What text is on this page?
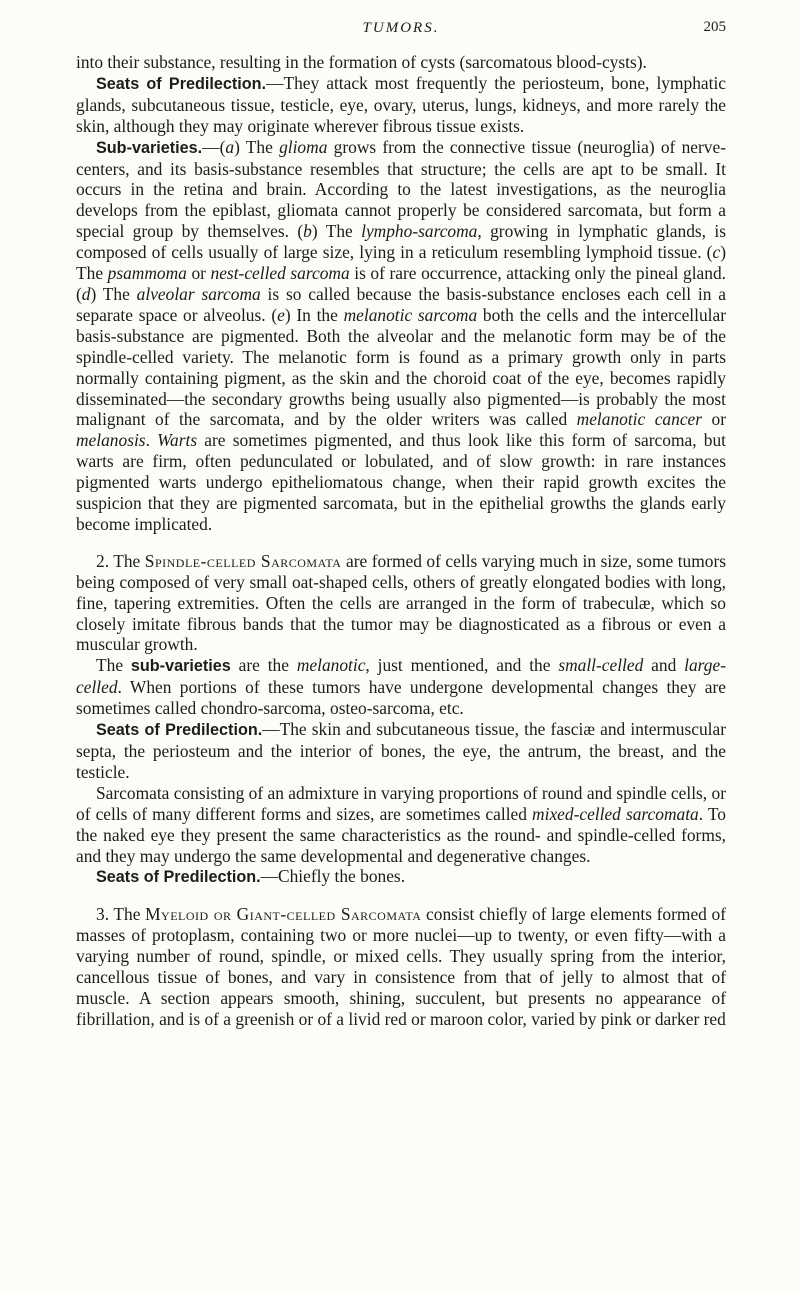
TUMORS.	205

into their substance, resulting in the formation of cysts (sarcomatous blood-cysts).

Seats of Predilection.—They attack most frequently the periosteum, bone, lymphatic glands, subcutaneous tissue, testicle, eye, ovary, uterus, lungs, kidneys, and more rarely the skin, although they may originate wherever fibrous tissue exists.

Sub-varieties.—(a) The glioma grows from the connective tissue (neuroglia) of nerve-centers, and its basis-substance resembles that structure; the cells are apt to be small. It occurs in the retina and brain. According to the latest investigations, as the neuroglia develops from the epiblast, gliomata cannot properly be considered sarcomata, but form a special group by themselves. (b) The lympho-sarcoma, growing in lymphatic glands, is composed of cells usually of large size, lying in a reticulum resembling lymphoid tissue. (c) The psammoma or nest-celled sarcoma is of rare occurrence, attacking only the pineal gland. (d) The alveolar sarcoma is so called because the basis-substance encloses each cell in a separate space or alveolus. (e) In the melanotic sarcoma both the cells and the intercellular basis-substance are pigmented. Both the alveolar and the melanotic form may be of the spindle-celled variety. The melanotic form is found as a primary growth only in parts normally containing pigment, as the skin and the choroid coat of the eye, becomes rapidly disseminated—the secondary growths being usually also pigmented—is probably the most malignant of the sarcomata, and by the older writers was called melanotic cancer or melanosis. Warts are sometimes pigmented, and thus look like this form of sarcoma, but warts are firm, often pedunculated or lobulated, and of slow growth: in rare instances pigmented warts undergo epitheliomatous change, when their rapid growth excites the suspicion that they are pigmented sarcomata, but in the epithelial growths the glands early become implicated.

2. The Spindle-celled Sarcomata are formed of cells varying much in size, some tumors being composed of very small oat-shaped cells, others of greatly elongated bodies with long, fine, tapering extremities. Often the cells are arranged in the form of trabeculæ, which so closely imitate fibrous bands that the tumor may be diagnosticated as a fibrous or even a muscular growth.

The sub-varieties are the melanotic, just mentioned, and the small-celled and large-celled. When portions of these tumors have undergone developmental changes they are sometimes called chondro-sarcoma, osteo-sarcoma, etc.

Seats of Predilection.—The skin and subcutaneous tissue, the fasciæ and intermuscular septa, the periosteum and the interior of bones, the eye, the antrum, the breast, and the testicle.

Sarcomata consisting of an admixture in varying proportions of round and spindle cells, or of cells of many different forms and sizes, are sometimes called mixed-celled sarcomata. To the naked eye they present the same characteristics as the round- and spindle-celled forms, and they may undergo the same developmental and degenerative changes.

Seats of Predilection.—Chiefly the bones.

3. The Myeloid or Giant-celled Sarcomata consist chiefly of large elements formed of masses of protoplasm, containing two or more nuclei—up to twenty, or even fifty—with a varying number of round, spindle, or mixed cells. They usually spring from the interior, cancellous tissue of bones, and vary in consistence from that of jelly to almost that of muscle. A section appears smooth, shining, succulent, but presents no appearance of fibrillation, and is of a greenish or of a livid red or maroon color, varied by pink or darker red
